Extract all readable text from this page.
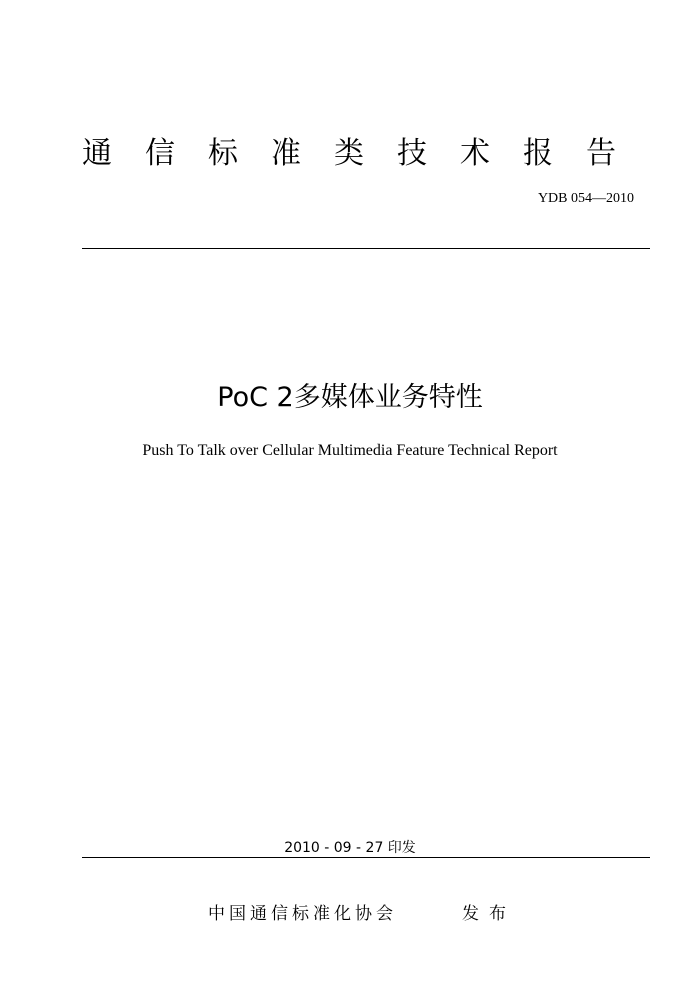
通信标准类技术报告
YDB 054—2010
PoC 2多媒体业务特性
Push To Talk over Cellular Multimedia Feature Technical Report
2010 - 09 - 27 印发
中国通信标准化协会	发布
